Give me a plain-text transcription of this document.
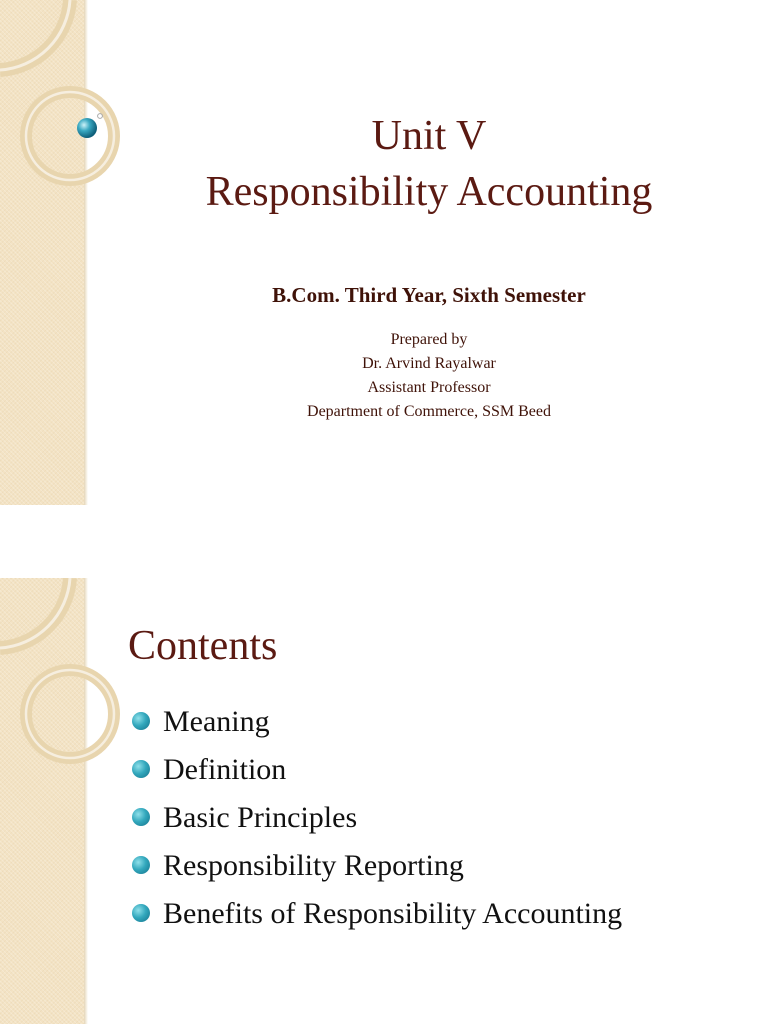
Unit V
Responsibility Accounting
B.Com. Third Year, Sixth Semester
Prepared by
Dr. Arvind Rayalwar
Assistant Professor
Department of Commerce, SSM Beed
Contents
Meaning
Definition
Basic Principles
Responsibility Reporting
Benefits of Responsibility Accounting
